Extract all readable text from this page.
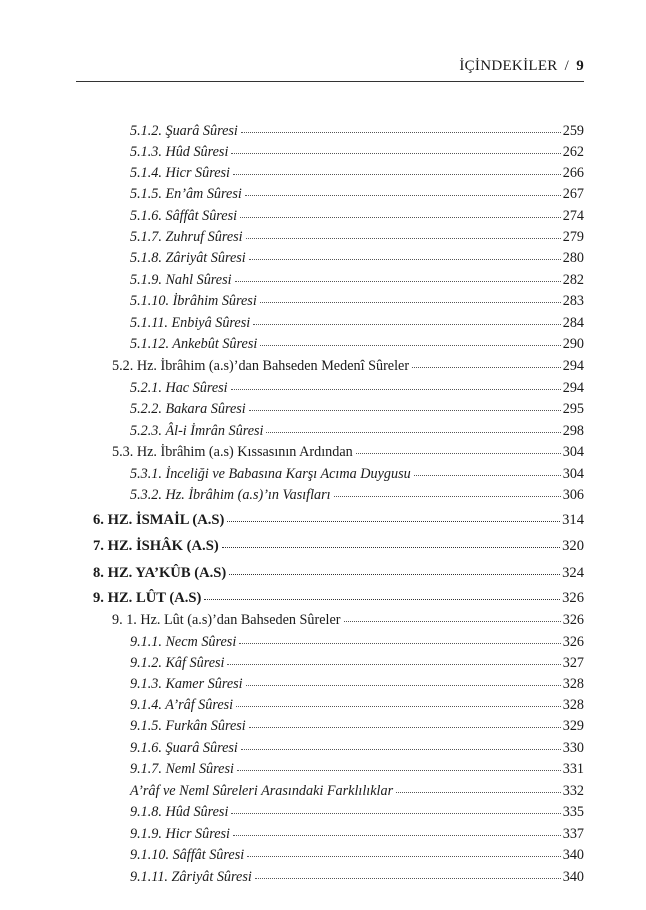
İÇİNDEKİLER / 9
5.1.2. Şuarâ Sûresi	259
5.1.3. Hûd Sûresi	262
5.1.4. Hicr Sûresi	266
5.1.5. En’âm Sûresi	267
5.1.6. Sâffât Sûresi	274
5.1.7. Zuhruf Sûresi	279
5.1.8. Zâriyât Sûresi	280
5.1.9. Nahl Sûresi	282
5.1.10. İbrâhim Sûresi	283
5.1.11. Enbiyâ Sûresi	284
5.1.12. Ankebût Sûresi	290
5.2. Hz. İbrâhim (a.s)’dan Bahseden Medenî Sûreler	294
5.2.1. Hac Sûresi	294
5.2.2. Bakara Sûresi	295
5.2.3. Âl-i İmrân Sûresi	298
5.3. Hz. İbrâhim (a.s) Kıssasının Ardından	304
5.3.1. İnceliği ve Babasına Karşı Acıma Duygusu	304
5.3.2. Hz. İbrâhim (a.s)’ın Vasıfları	306
6. HZ. İSMAİL (A.S)	314
7. HZ. İSHÂK (A.S)	320
8. HZ. YA’KÛB (A.S)	324
9. HZ. LÛT (A.S)	326
9. 1. Hz. Lût (a.s)’dan Bahseden Sûreler	326
9.1.1. Necm Sûresi	326
9.1.2. Kâf Sûresi	327
9.1.3. Kamer Sûresi	328
9.1.4. A’râf Sûresi	328
9.1.5. Furkân Sûresi	329
9.1.6. Şuarâ Sûresi	330
9.1.7. Neml Sûresi	331
A’râf ve Neml Sûreleri Arasındaki Farklılıklar	332
9.1.8. Hûd Sûresi	335
9.1.9. Hicr Sûresi	337
9.1.10. Sâffât Sûresi	340
9.1.11. Zâriyât Sûresi	340
